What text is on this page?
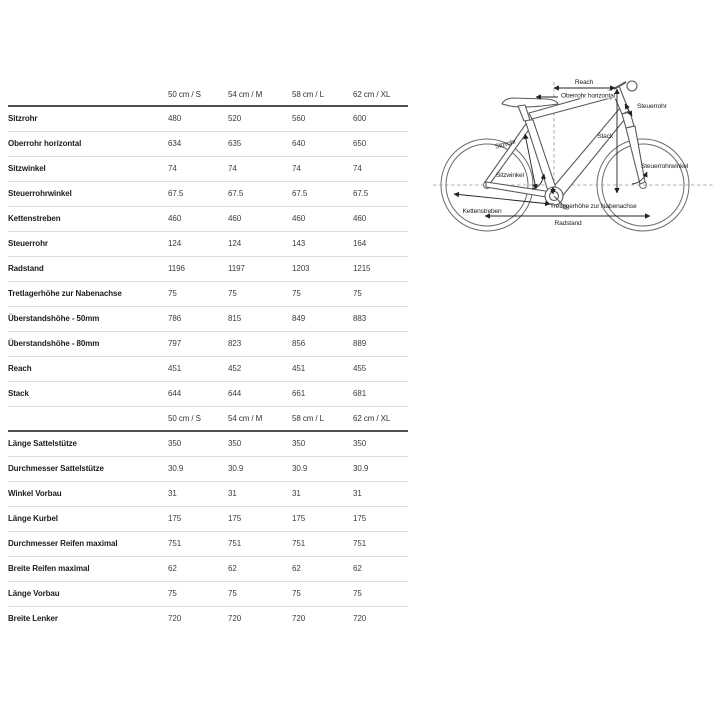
	50 cm / S	54 cm / M	58 cm / L	62 cm / XL
Sitzrohr	480	520	560	600
Oberrohr horizontal	634	635	640	650
Sitzwinkel	74	74	74	74
Steuerrohrwinkel	67.5	67.5	67.5	67.5
Kettenstreben	460	460	460	460
Steuerrohr	124	124	143	164
Radstand	1196	1197	1203	1215
Tretlagerhöhe zur Nabenachse	75	75	75	75
Überstandshöhe - 50mm	786	815	849	883
Überstandshöhe - 80mm	797	823	856	889
Reach	451	452	451	455
Stack	644	644	661	681
	50 cm / S	54 cm / M	58 cm / L	62 cm / XL
Länge Sattelstütze	350	350	350	350
Durchmesser Sattelstütze	30.9	30.9	30.9	30.9
Winkel Vorbau	31	31	31	31
Länge Kurbel	175	175	175	175
Durchmesser Reifen maximal	751	751	751	751
Breite Reifen maximal	62	62	62	62
Länge Vorbau	75	75	75	75
Breite Lenker	720	720	720	720
Reach
Oberrohr horizontal
Steuerrohr
Stack
Sitzrohr
Sitzwinkel
Steuerrohrwinkel
Tretlagerhöhe zur Nabenachse
Kettenstreben
Radstand
